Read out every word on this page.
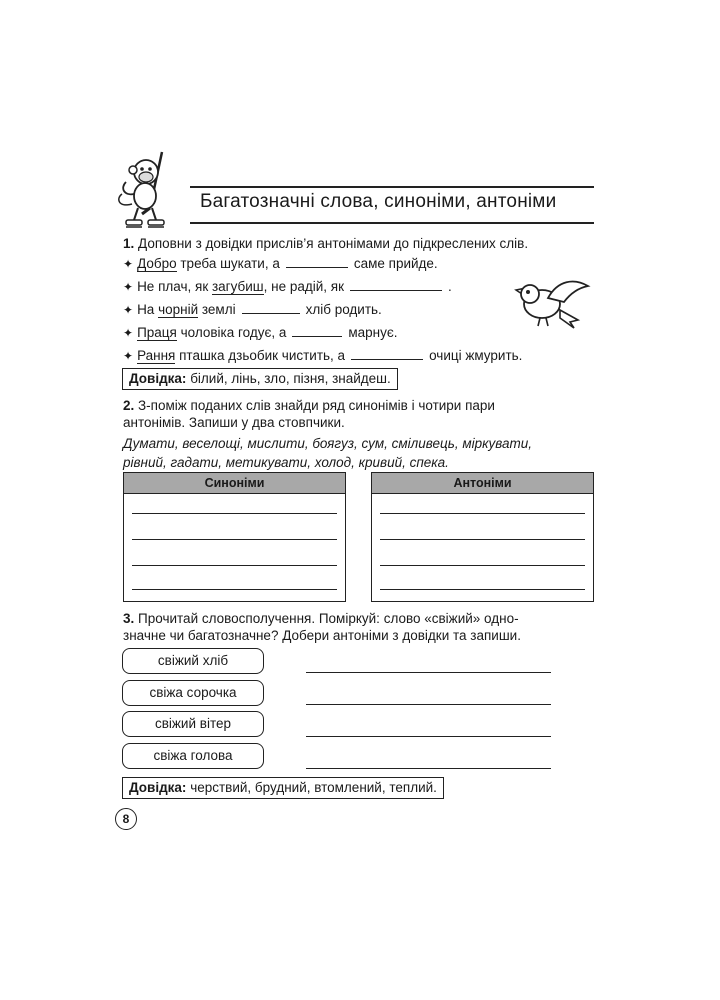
Багатозначні слова, синоніми, антоніми
1. Доповни з довідки прислів’я антонімами до підкреслених слів.
✦ Добро треба шукати, а	саме прийде.
✦ Не плач, як загубиш, не радій, як	.
✦ На чорній землі	хліб родить.
✦ Праця чоловіка годує, а	марнує.
✦ Рання пташка дзьобик чистить, а	очиці жмурить.
Довідка: білий, лінь, зло, пізня, знайдеш.
2. З-поміж поданих слів знайди ряд синонімів і чотири пари
антонімів. Запиши у два стовпчики.
Думати, веселощі, мислити, боягуз, сум, сміливець, міркувати,
рівний, гадати, метикувати, холод, кривий, спека.
Синоніми	Антоніми
3. Прочитай словосполучення. Поміркуй: слово «свіжий» одно-
значне чи багатозначне? Добери антоніми з довідки та запиши.
свіжий хліб
свіжа сорочка
свіжий вітер
свіжа голова
Довідка: черствий, брудний, втомлений, теплий.
8
